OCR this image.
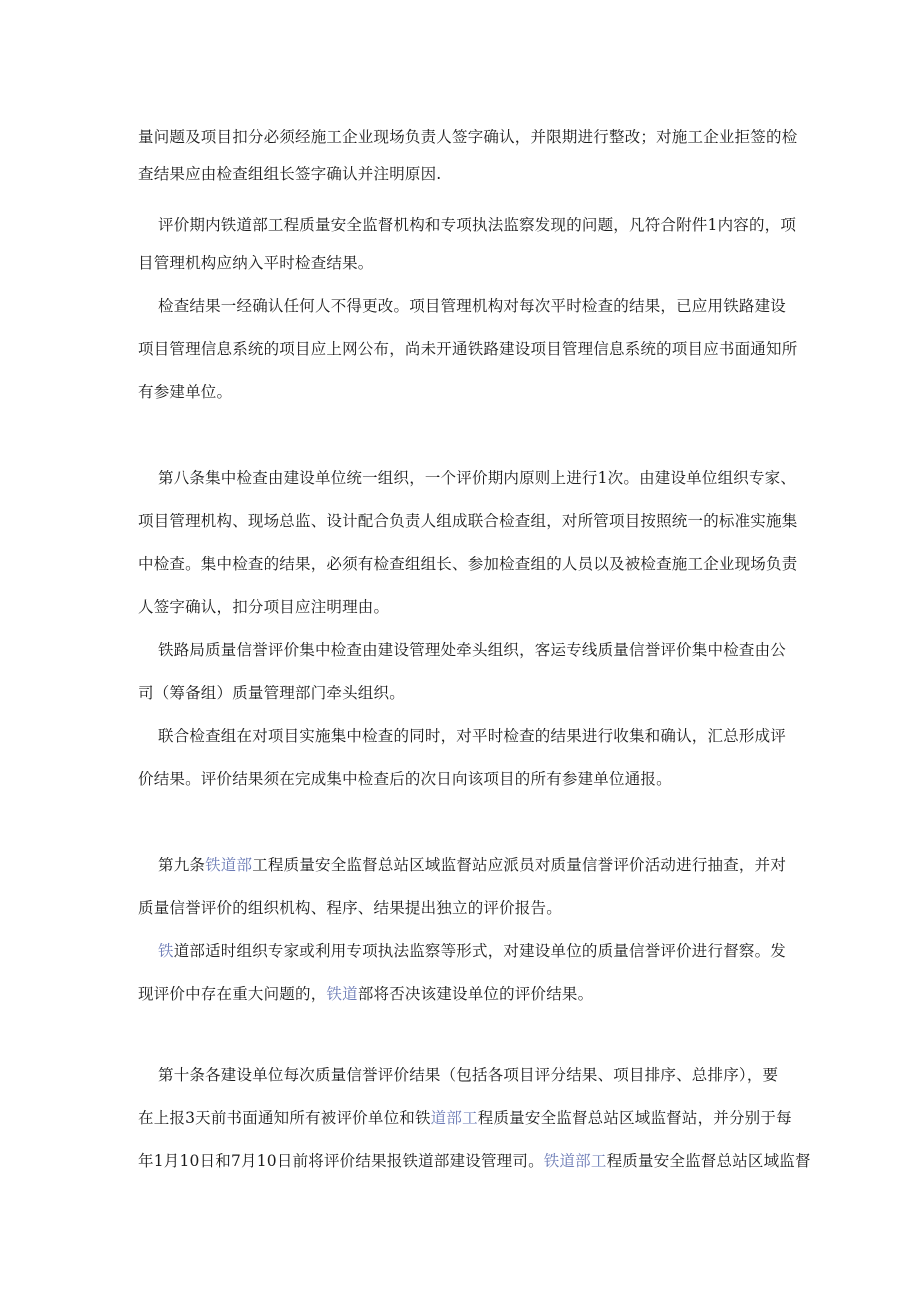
量问题及项目扣分必须经施工企业现场负责人签字确认，并限期进行整改；对施工企业拒签的检
查结果应由检查组组长签字确认并注明原因.
评价期内铁道部工程质量安全监督机构和专项执法监察发现的问题，凡符合附件1内容的，项
目管理机构应纳入平时检查结果。
检查结果一经确认任何人不得更改。项目管理机构对每次平时检查的结果，已应用铁路建设
项目管理信息系统的项目应上网公布，尚未开通铁路建设项目管理信息系统的项目应书面通知所
有参建单位。
第八条集中检查由建设单位统一组织，一个评价期内原则上进行1次。由建设单位组织专家、
项目管理机构、现场总监、设计配合负责人组成联合检查组，对所管项目按照统一的标准实施集
中检查。集中检查的结果，必须有检查组组长、参加检查组的人员以及被检查施工企业现场负责
人签字确认，扣分项目应注明理由。
铁路局质量信誉评价集中检查由建设管理处牵头组织，客运专线质量信誉评价集中检查由公
司（筹备组）质量管理部门牵头组织。
联合检查组在对项目实施集中检查的同时，对平时检查的结果进行收集和确认，汇总形成评
价结果。评价结果须在完成集中检查后的次日向该项目的所有参建单位通报。
第九条铁道部工程质量安全监督总站区域监督站应派员对质量信誉评价活动进行抽查，并对
质量信誉评价的组织机构、程序、结果提出独立的评价报告。
铁道部适时组织专家或利用专项执法监察等形式，对建设单位的质量信誉评价进行督察。发
现评价中存在重大问题的，铁道部将否决该建设单位的评价结果。
第十条各建设单位每次质量信誉评价结果（包括各项目评分结果、项目排序、总排序），要
在上报3天前书面通知所有被评价单位和铁道部工程质量安全监督总站区域监督站，并分别于每
年1月10日和7月10日前将评价结果报铁道部建设管理司。铁道部工程质量安全监督总站区域监督
